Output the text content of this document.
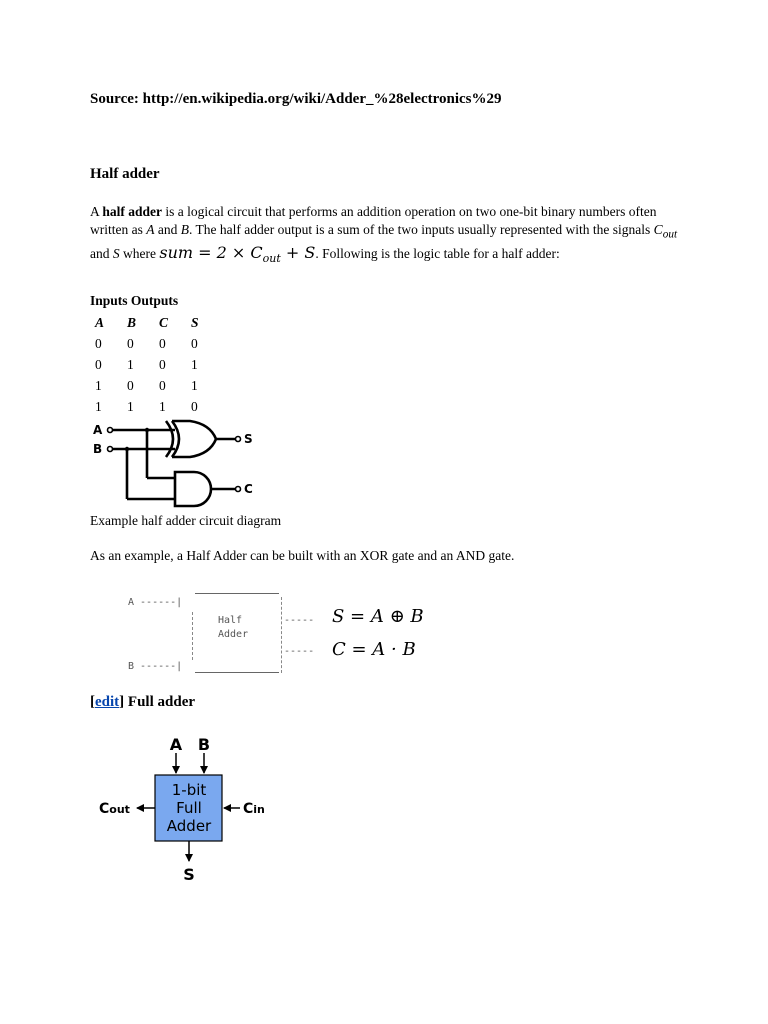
Source: http://en.wikipedia.org/wiki/Adder_%28electronics%29
Half adder
A half adder is a logical circuit that performs an addition operation on two one-bit binary numbers often written as A and B. The half adder output is a sum of the two inputs usually represented with the signals $C_{out}$ and S where sum = $2 \times C_{out} + S$. Following is the logic table for a half adder:
Inputs Outputs
A	B	C	S
0	0	0	0
0	1	0	1
1	0	0	1
1	1	1	0
A
B
S
C
Example half adder circuit diagram
As an example, a Half Adder can be built with an XOR gate and an AND gate.
A ------|
B ------|
Half
Adder
-----
-----
S = A ⊕ B
C = A · B
[edit] Full adder
1-bit
Full
Adder
A B
Cout	Cin
S
